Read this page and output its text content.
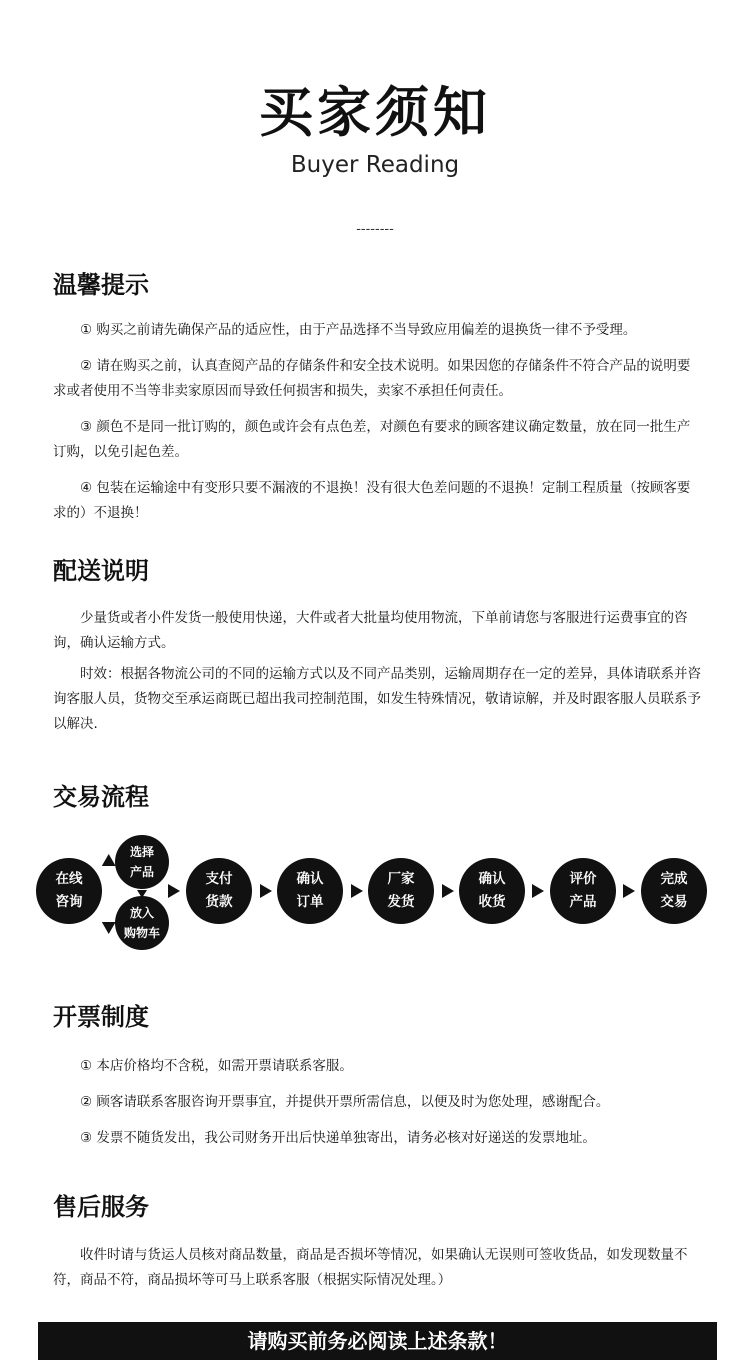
买家须知
Buyer Reading
--------
温馨提示

① 购买之前请先确保产品的适应性，由于产品选择不当导致应用偏差的退换货一律不予受理。

② 请在购买之前，认真查阅产品的存储条件和安全技术说明。如果因您的存储条件不符合产品的说明要求或者使用不当等非卖家原因而导致任何损害和损失，卖家不承担任何责任。

③ 颜色不是同一批订购的，颜色或许会有点色差，对颜色有要求的顾客建议确定数量，放在同一批生产订购，以免引起色差。

④ 包装在运输途中有变形只要不漏液的不退换！没有很大色差问题的不退换！定制工程质量（按顾客要求的）不退换！

配送说明

少量货或者小件发货一般使用快递，大件或者大批量均使用物流，下单前请您与客服进行运费事宜的咨询，确认运输方式。

时效：根据各物流公司的不同的运输方式以及不同产品类别，运输周期存在一定的差异，具体请联系并咨询客服人员，货物交至承运商既已超出我司控制范围，如发生特殊情况，敬请谅解，并及时跟客服人员联系予以解决.

交易流程
在线
咨询
选择
产品
放入
购物车
支付
货款
确认
订单
厂家
发货
确认
收货
评价
产品
完成
交易
开票制度

① 本店价格均不含税，如需开票请联系客服。

② 顾客请联系客服咨询开票事宜，并提供开票所需信息，以便及时为您处理，感谢配合。

③ 发票不随货发出，我公司财务开出后快递单独寄出，请务必核对好递送的发票地址。

售后服务

收件时请与货运人员核对商品数量，商品是否损坏等情况，如果确认无误则可签收货品，如发现数量不符，商品不符，商品损坏等可马上联系客服（根据实际情况处理。）

请购买前务必阅读上述条款！
